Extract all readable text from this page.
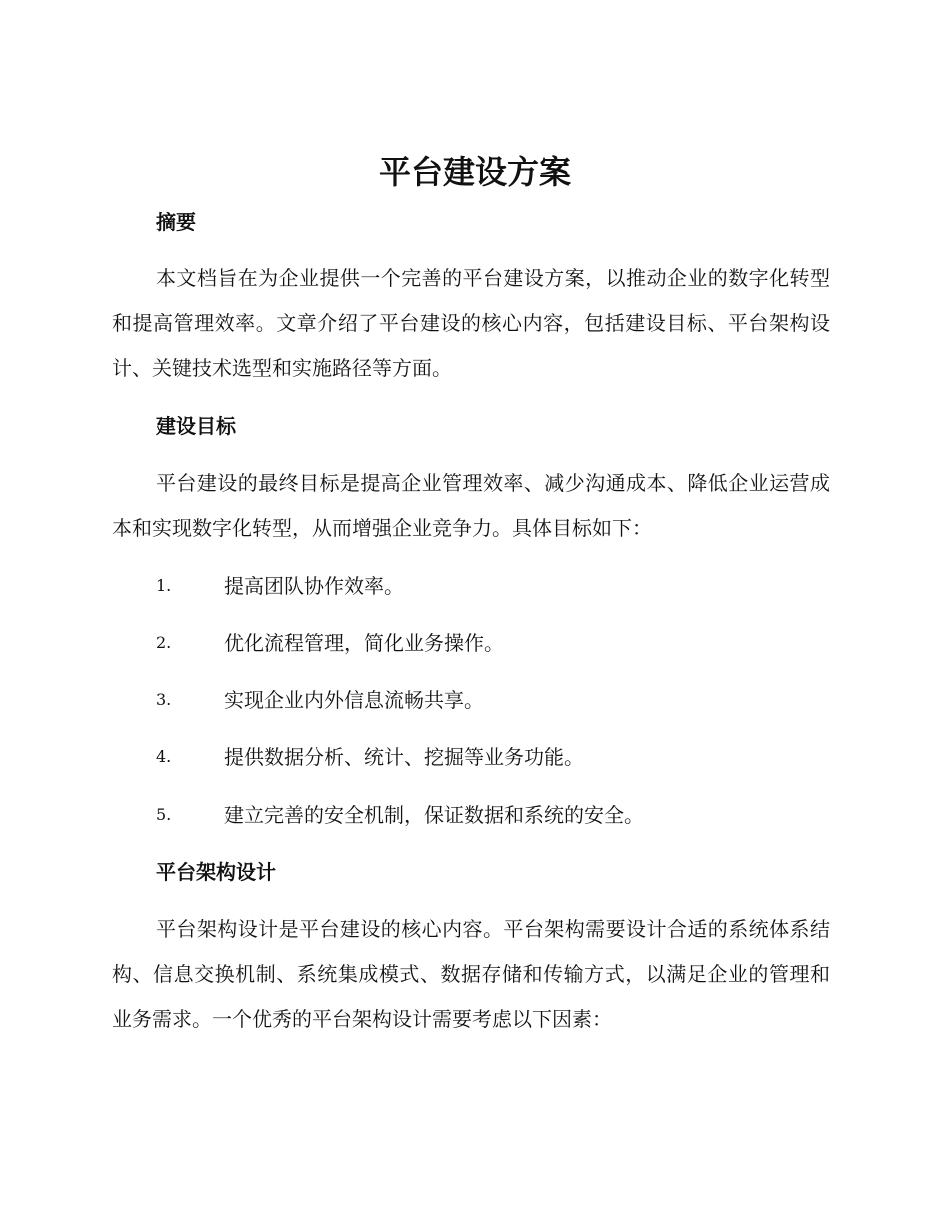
平台建设方案
摘要

本文档旨在为企业提供一个完善的平台建设方案，以推动企业的数字化转型和提高管理效率。文章介绍了平台建设的核心内容，包括建设目标、平台架构设计、关键技术选型和实施路径等方面。

建设目标

平台建设的最终目标是提高企业管理效率、减少沟通成本、降低企业运营成本和实现数字化转型，从而增强企业竞争力。具体目标如下：

1.	提高团队协作效率。
2.	优化流程管理，简化业务操作。
3.	实现企业内外信息流畅共享。
4.	提供数据分析、统计、挖掘等业务功能。
5.	建立完善的安全机制，保证数据和系统的安全。
平台架构设计

平台架构设计是平台建设的核心内容。平台架构需要设计合适的系统体系结构、信息交换机制、系统集成模式、数据存储和传输方式，以满足企业的管理和业务需求。一个优秀的平台架构设计需要考虑以下因素：
